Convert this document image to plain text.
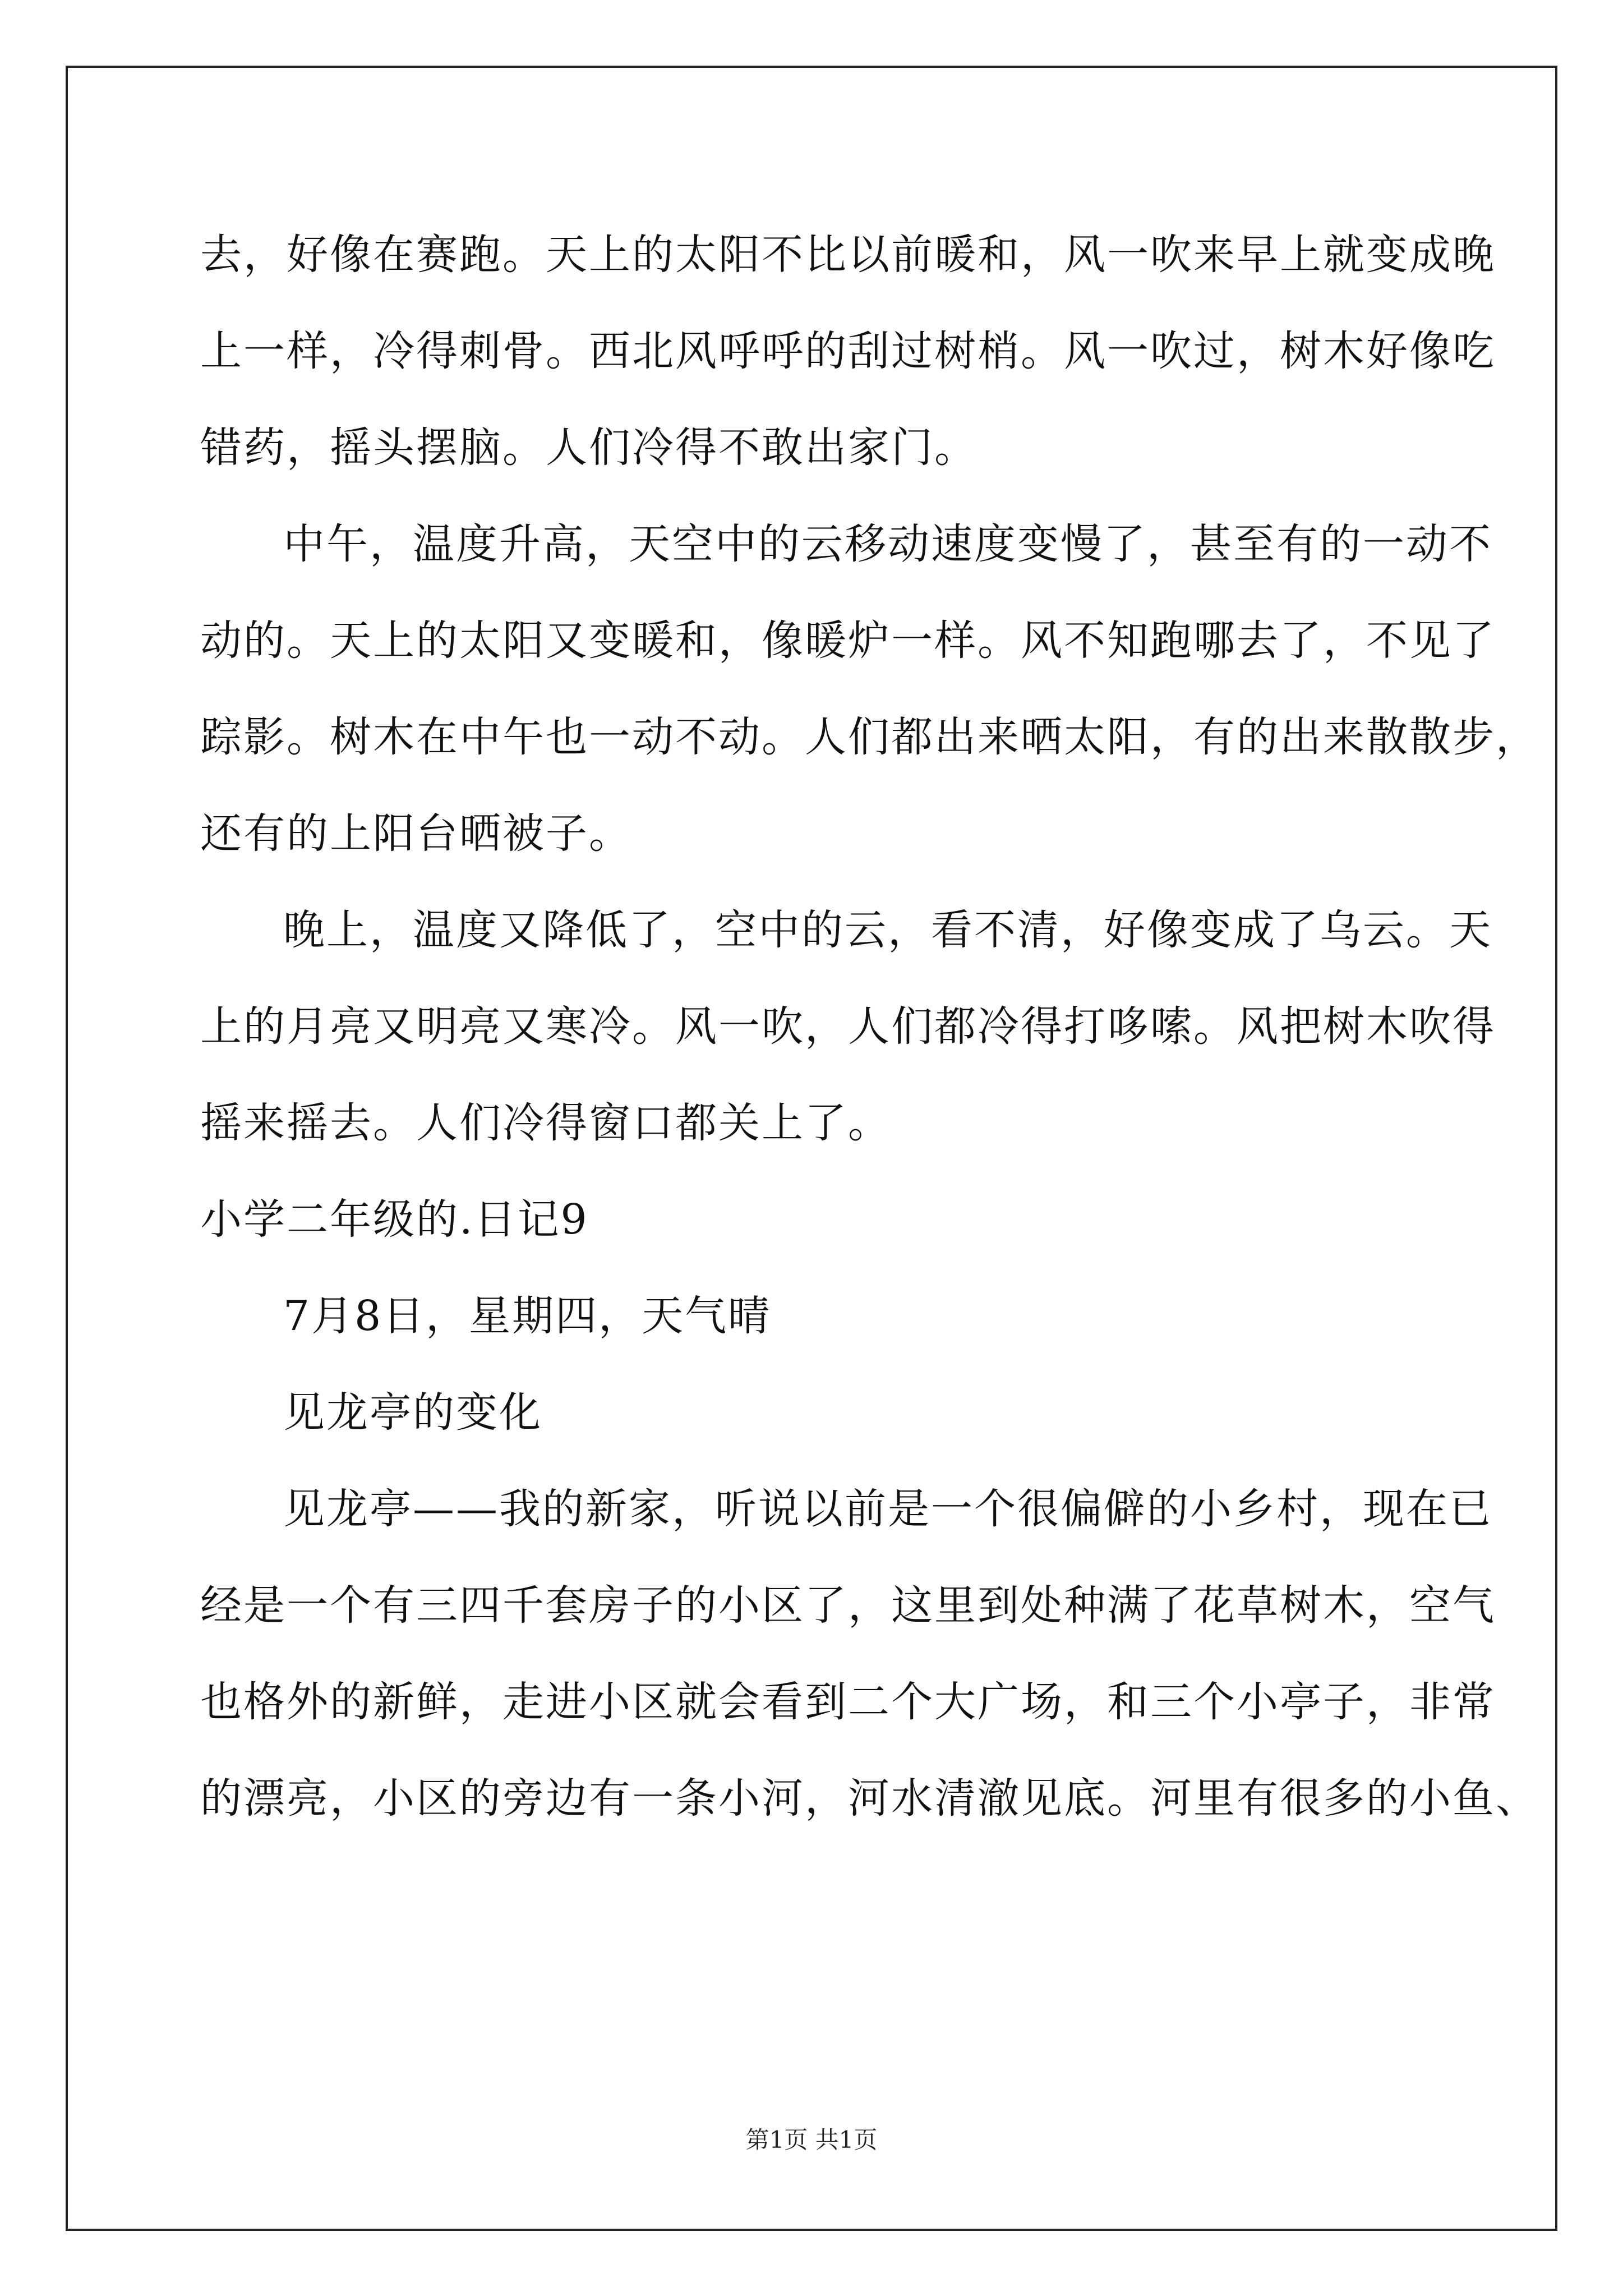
去，好像在赛跑。天上的太阳不比以前暖和，风一吹来早上就变成晚
上一样，冷得刺骨。西北风呼呼的刮过树梢。风一吹过，树木好像吃
错药，摇头摆脑。人们冷得不敢出家门。
中午，温度升高，天空中的云移动速度变慢了，甚至有的一动不
动的。天上的太阳又变暖和，像暖炉一样。风不知跑哪去了，不见了
踪影。树木在中午也一动不动。人们都出来晒太阳，有的出来散散步，
还有的上阳台晒被子。
晚上，温度又降低了，空中的云，看不清，好像变成了乌云。天
上的月亮又明亮又寒冷。风一吹，人们都冷得打哆嗦。风把树木吹得
摇来摇去。人们冷得窗口都关上了。
小学二年级的.日记9
7月8日，星期四，天气晴
见龙亭的变化
见龙亭——我的新家，听说以前是一个很偏僻的小乡村，现在已
经是一个有三四千套房子的小区了，这里到处种满了花草树木，空气
也格外的新鲜，走进小区就会看到二个大广场，和三个小亭子，非常
的漂亮，小区的旁边有一条小河，河水清澈见底。河里有很多的小鱼、
第1页 共1页
